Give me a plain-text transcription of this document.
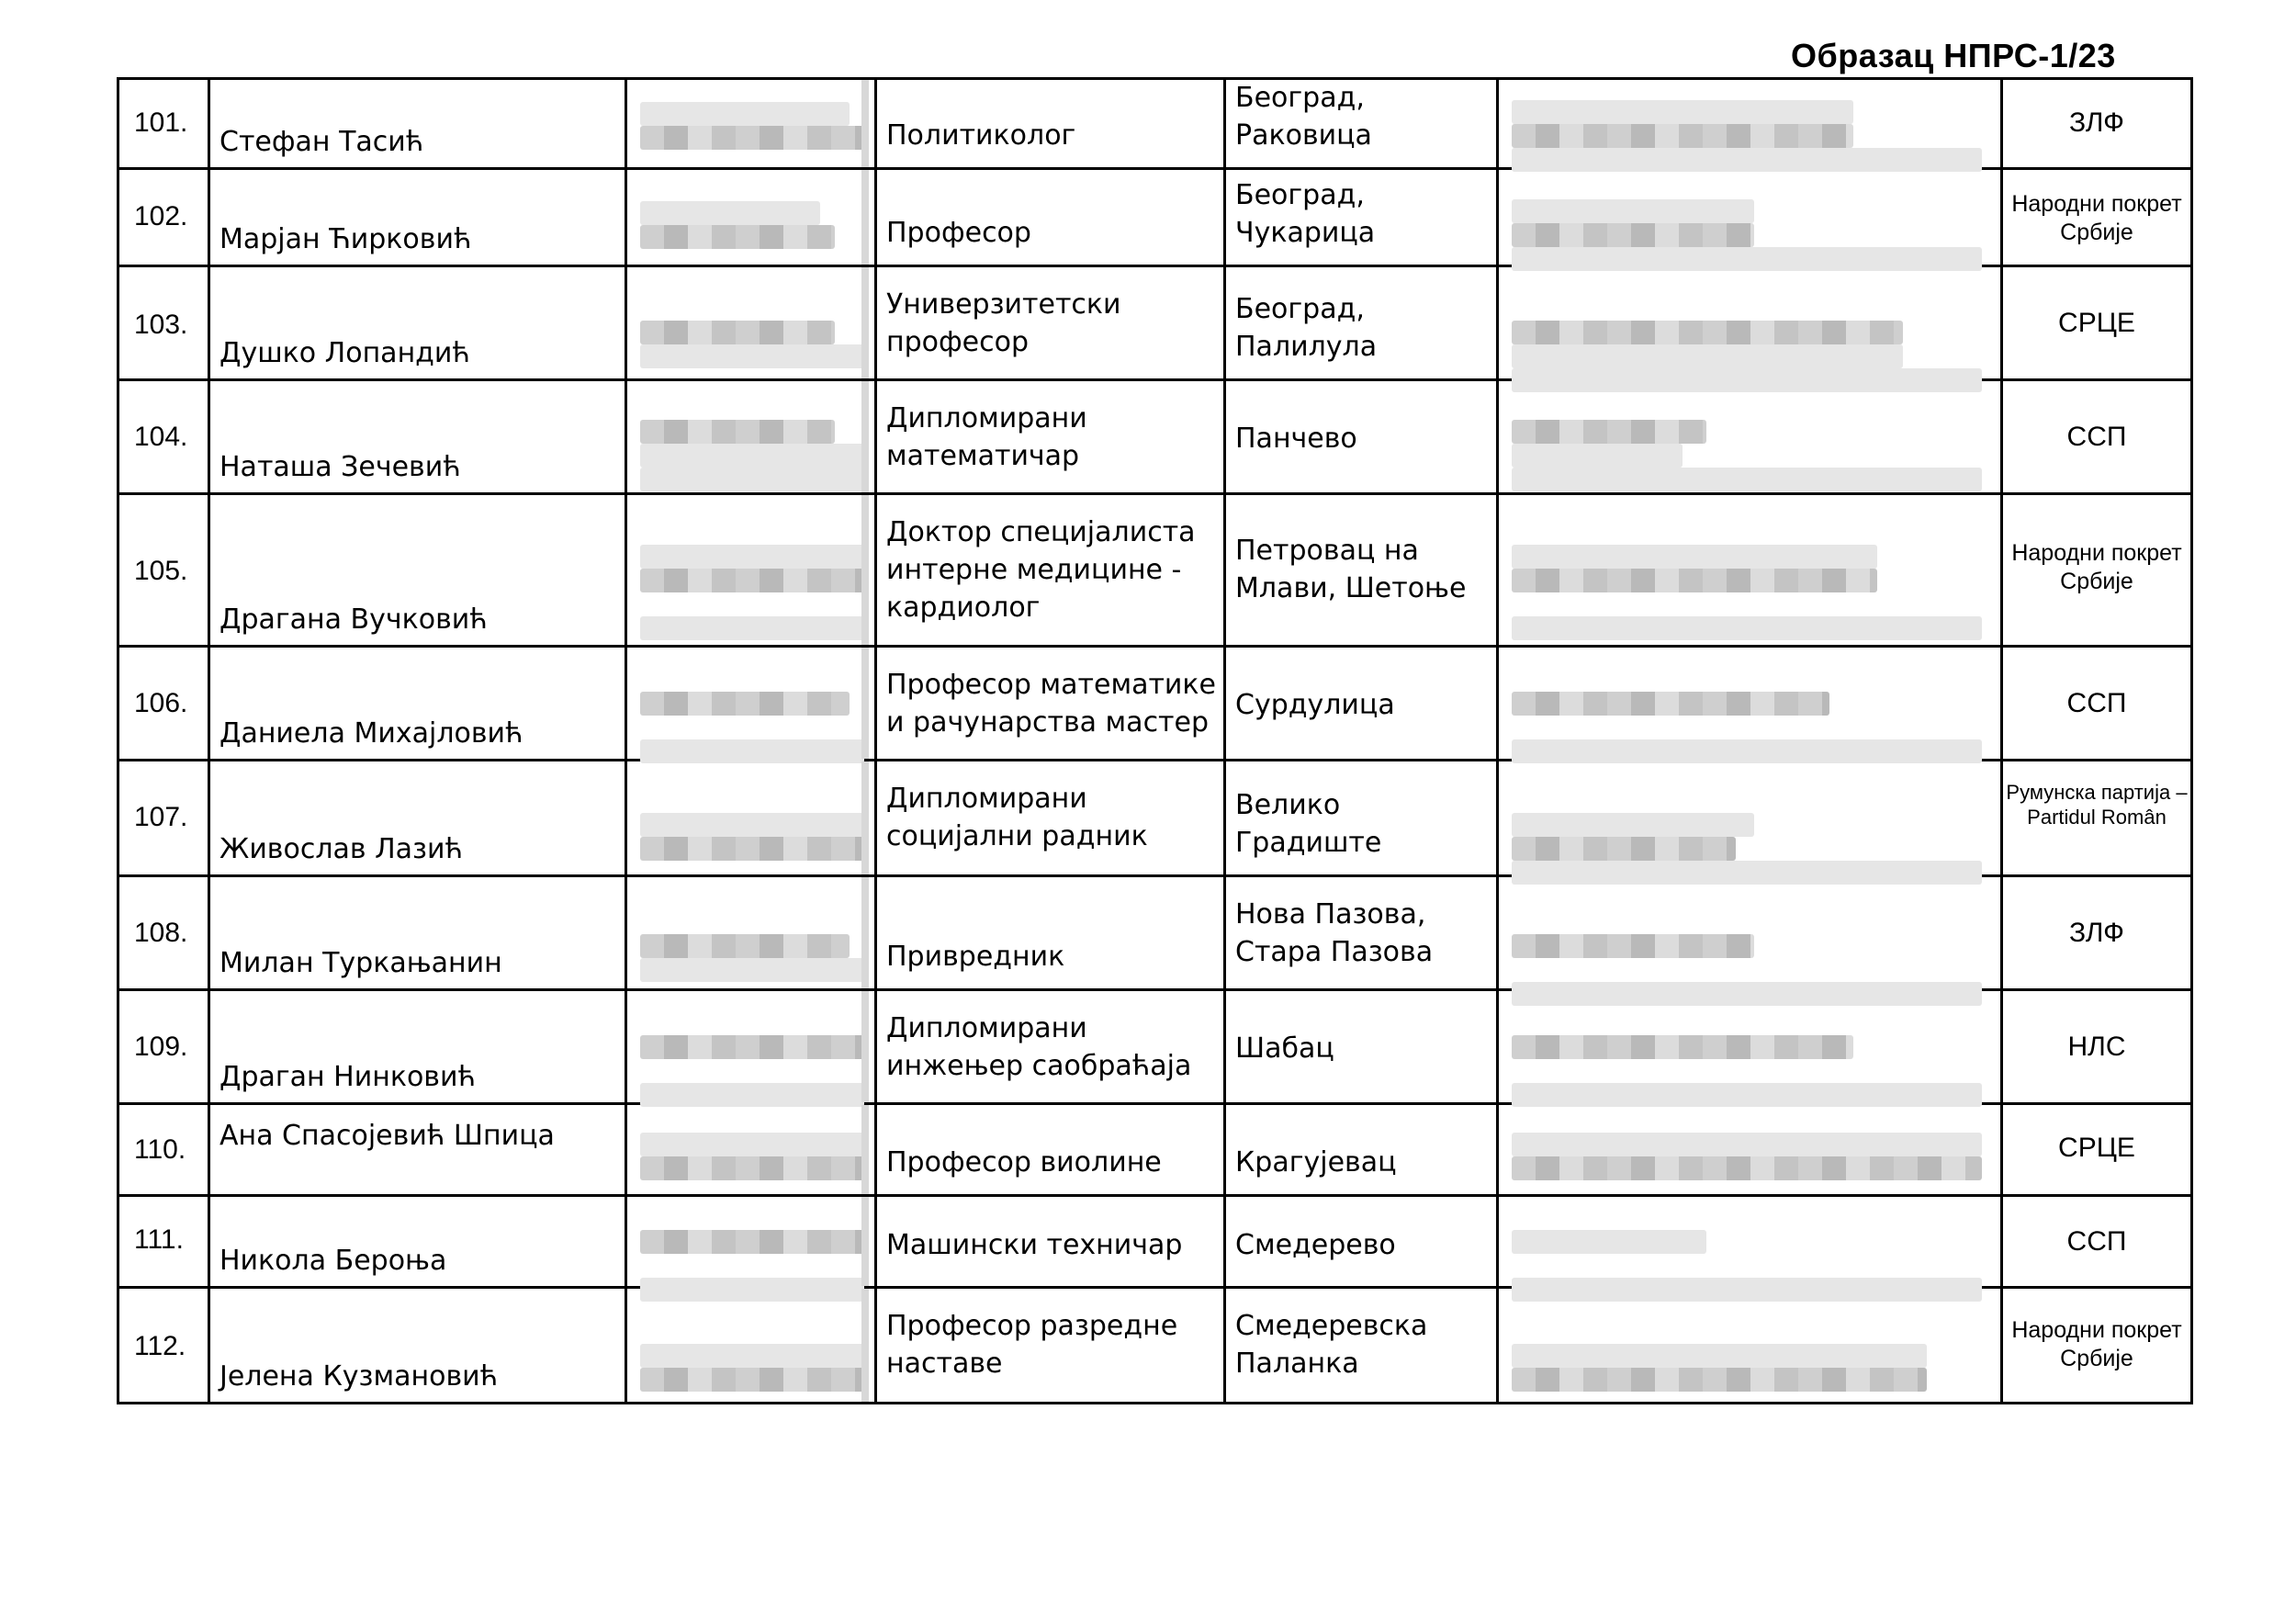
Образац НПРС-1/23
101.	Стефан Тасић		Политиколог	Београд, Раковица		ЗЛФ

102.	Марјан Ћирковић		Професор	Београд, Чукарица		Народни покрет Србије

103.	Душко Лопандић		Универзитетски професор	Београд, Палилула		СРЦЕ

104.	Наташа Зечевић		Дипломирани математичар	Панчево		ССП

105.	Драгана Вучковић		Доктор специјалиста интерне медицине - кардиолог	Петровац на Млави, Шетоње		Народни покрет Србије

106.	Даниела Михајловић		Професор математике и рачунарства мастер	Сурдулица		ССП

107.	Живослав Лазић		Дипломирани социјални радник	Велико Градиште		Румунска партија – Partidul Român

108.	Милан Туркањанин		Привредник	Нова Пазова, Стара Пазова		ЗЛФ

109.	Драган Нинковић		Дипломирани инжењер саобраћаја	Шабац		НЛС

110.	Ана Спасојевић Шпица		Професор виолине	Крагујевац		СРЦЕ

111.	Никола Берoња		Машински техничар	Смедерево		ССП

112.	Јелена Кузмановић		Професор разредне наставе	Смедеревска Паланка		Народни покрет Србије
